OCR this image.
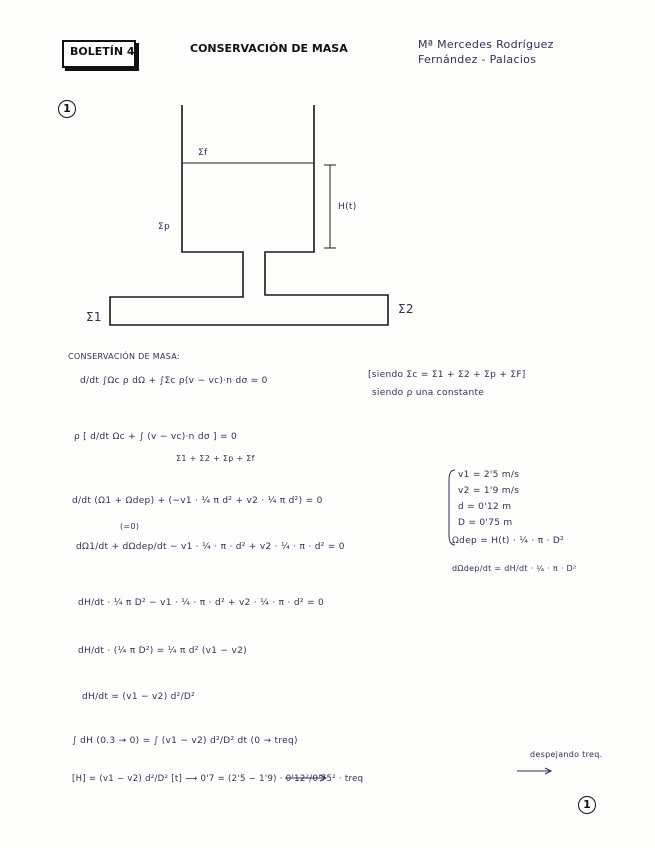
BOLETÍN 4	CONSERVACIÓN DE MASA	Mª Mercedes Rodríguez
Fernández - Palacios
1
1
Σf
Σp
H(t)
Σ1
Σ2
CONSERVACIÓN DE MASA:
d/dt ∫Ωc ρ dΩ + ∫Σc ρ(v − vc)·n dσ = 0
[siendo Σc = Σ1 + Σ2 + Σp + ΣF]
siendo ρ una constante
ρ [ d/dt Ωc + ∫ (v − vc)·n dσ ] = 0
Σ1 + Σ2 + Σp + Σf
d/dt (Ω1 + Ωdep) + (−v1 · ¼ π d² + v2 · ¼ π d²) = 0
(=0)
dΩ1/dt + dΩdep/dt − v1 · ¼ · π · d² + v2 · ¼ · π · d² = 0
v1 = 2'5 m/s
v2 = 1'9 m/s
d = 0'12 m
D = 0'75 m
Ωdep = H(t) · ¼ · π · D²
dΩdep/dt = dH/dt · ¼ · π · D²
dH/dt · ¼ π D² − v1 · ¼ · π · d² + v2 · ¼ · π · d² = 0
dH/dt · (¼ π D²) = ¼ π d² (v1 − v2)
dH/dt = (v1 − v2) d²/D²
∫ dH (0.3 → 0) = ∫ (v1 − v2) d²/D² dt (0 → treq)
[H] = (v1 − v2) d²/D² [t] ⟶ 0'7 = (2'5 − 1'9) · 0'12²/0'75² · treq
despejando treq.
